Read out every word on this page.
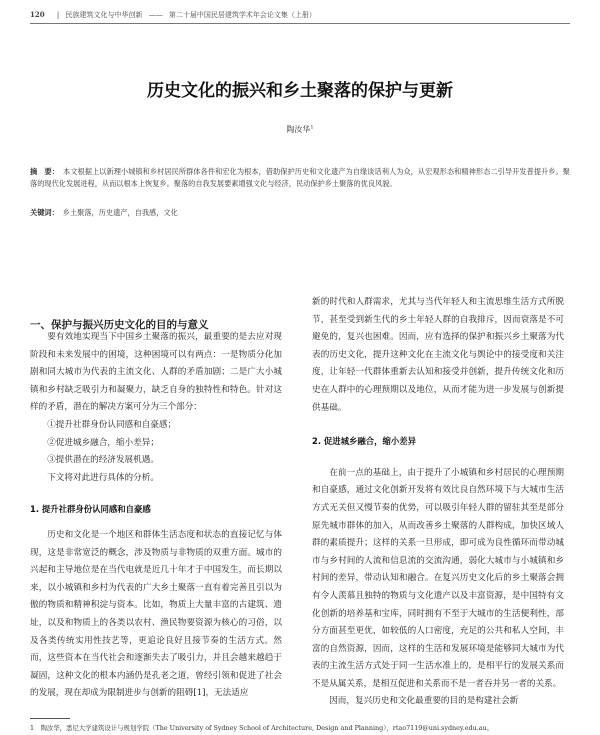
120 | 民族建筑文化与中华创新 —— 第二十届中国民居建筑学术年会论文集（上册）
历史文化的振兴和乡土聚落的保护与更新
陶汝华$^1$
摘　要： 本文根据上以新理小城镇和乡村居民所群体各件和宏化为根本，借助保护历史和文化遗产为自缘谈话利人为众，从宏观形态和精神形态二引导开发普提升乡。聚落的现代化发展进程，从而以根本上恢复乡。聚落的自我发展要素增强文化与经济，民动保护乡土聚落的优良风貌。
关键词： 乡土聚落，历史遗产，自我感，文化
一、保护与振兴历史文化的目的与意义

要有效地实现当下中国乡土聚落的振兴，最重要的是去应对现阶段和未来发展中的困境，这种困境可以有两点：一是物质分化加剧和同大城市为代表的主流文化、人群的矛盾加剧；二是广大小城镇和乡村缺乏吸引力和凝聚力，缺乏自身的独特性和特色。针对这样的矛盾，潜在的解决方案可分为三个部分：

①提升社群身份认同感和自豪感；
②促进城乡融合，缩小差异；
③提供潜在的经济发展机遇。

下文将对此进行具体的分析。

1. 提升社群身份认同感和自豪感

历史和文化是一个地区和群体生活态度和状态的直接记忆与体现，这是非常宽泛的概念，涉及物质与非物质的双重方面。城市的兴起和主导地位是在当代电就是近几十年才于中国发生，而长期以来，以小城镇和乡村为代表的广大乡土聚落一直有着完善且引以为傲的物质和精神积淀与资本。比如，物质上大量丰富的古建筑、遗址，以及和物质上的各类以农村、渔民物要资源为核心的习俗，以及各类传统实用性技艺等，更追论良好且接节奏的生活方式。然而，这些资本在当代社会和逐渐失去了吸引力，并且会越来越趋于凝固，这种文化的根本内涵仍是孔老之道，曾经引领和促进了社会的发展，现在却成为限制进步与创新的阻碍[1]，无法适应

新的时代和人群需求，尤其与当代年轻人和主流思维生活方式所脱节，甚至受到新生代的乡土年轻人群的自我排斥，因而衰落是不可避免的，复兴也困难。因而，应有选择的保护和振兴乡土聚落为代表的历史文化，提升这种文化在主流文化与舆论中的接受度和关注度，让年轻一代群体重新去认知和接受并创新，提升传统文化和历史在人群中的心理预期以及地位，从而才能为进一步发展与创新提供基础。

2. 促进城乡融合，缩小差异

在前一点的基础上，由于提升了小城镇和乡村居民的心理预期和自豪感，通过文化创新开发将有效比良自然环境下与大城市生活方式无关但又慢节奏的优势，可以吸引年轻人群的留驻其至是部分原先城市群体的加入，从而改善乡土聚落的人群构成，加快区域人群的素质提升；这样的关系一旦形成，即可成为良性循环而带动城市与乡村间的人流和信息流的交流沟通，弱化大城市与小城镇和乡村间的差异，带动认知和融合。在复兴历史文化后的乡土聚落会拥有令人羡慕且独特的物质与文化遗产以及丰富资源，是中国特有文化创新的培养基和宝库，同时拥有不至于大城市的生活便利性，部分方面甚至更优，如较低的人口密度，充足的公共和私人空间，丰富的自然资源，因而，这样的生活和发展环境是能够同大城市为代表的主流生活方式处于同一生活水准上的，是相平行的发展关系而不是从属关系，是相互促进和关系而不是一者吞并另一者的关系。

因而，复兴历史和文化最重要的目的是构建社会新

1　陶汝华，悉尼大学建筑设计与规划学院（The University of Sydney School of Architecture, Design and Planning），rtao7119@uni.sydney.edu.au。
